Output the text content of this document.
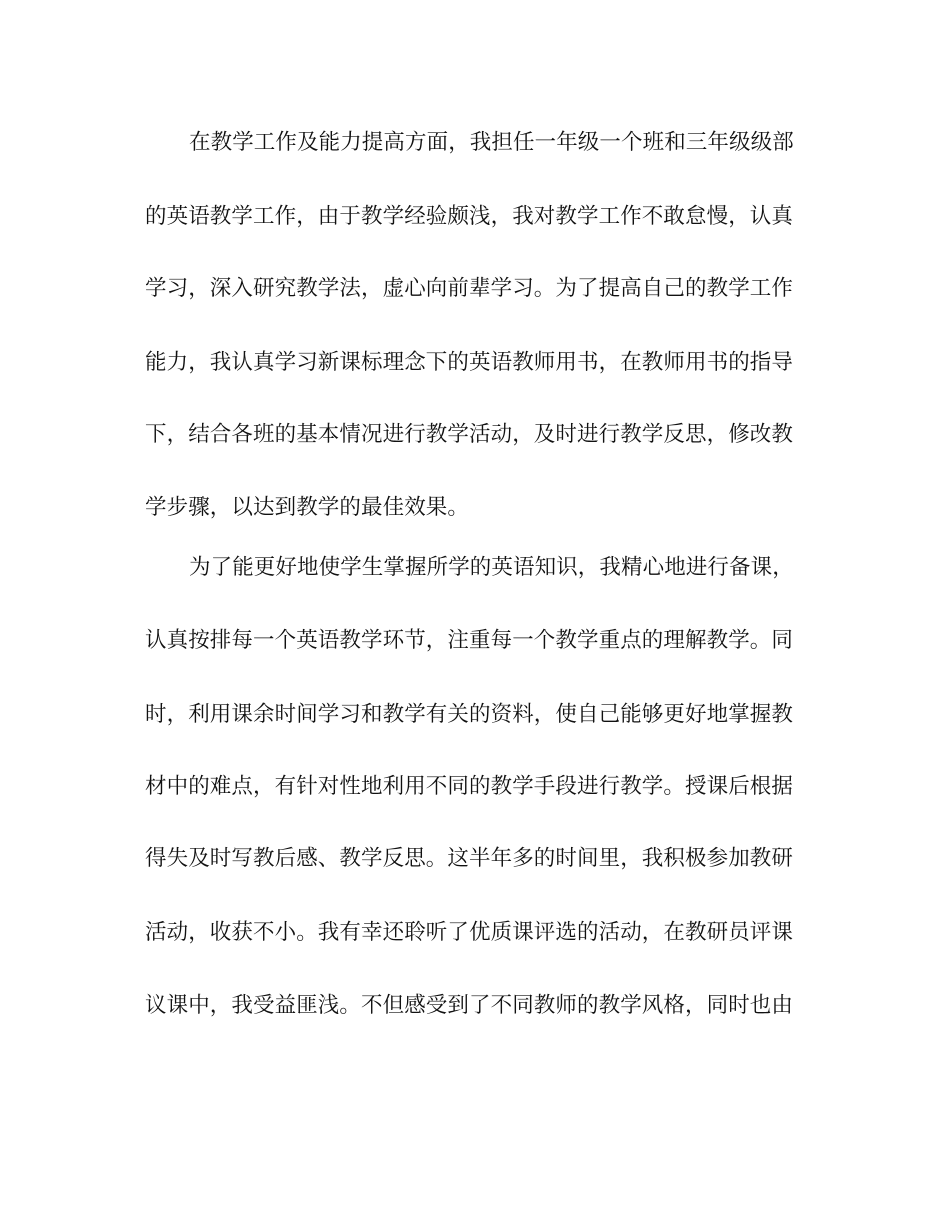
在教学工作及能力提高方面，我担任一年级一个班和三年级级部
的英语教学工作，由于教学经验颇浅，我对教学工作不敢怠慢，认真
学习，深入研究教学法，虚心向前辈学习。为了提高自己的教学工作
能力，我认真学习新课标理念下的英语教师用书，在教师用书的指导
下，结合各班的基本情况进行教学活动，及时进行教学反思，修改教
学步骤，以达到教学的最佳效果。
为了能更好地使学生掌握所学的英语知识，我精心地进行备课，
认真按排每一个英语教学环节，注重每一个教学重点的理解教学。同
时，利用课余时间学习和教学有关的资料，使自己能够更好地掌握教
材中的难点，有针对性地利用不同的教学手段进行教学。授课后根据
得失及时写教后感、教学反思。这半年多的时间里，我积极参加教研
活动，收获不小。我有幸还聆听了优质课评选的活动，在教研员评课
议课中，我受益匪浅。不但感受到了不同教师的教学风格，同时也由
